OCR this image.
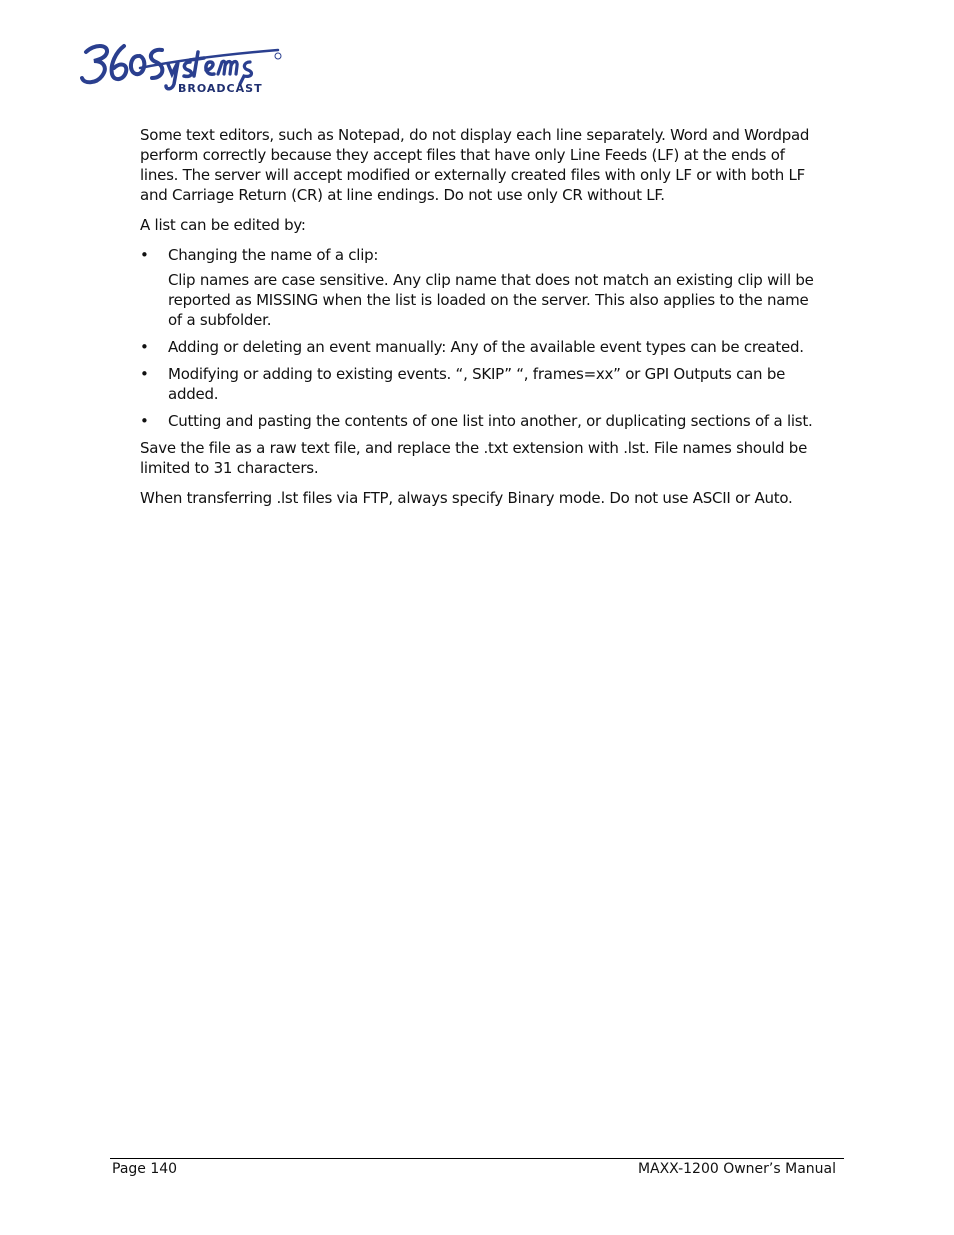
BROADCAST

Some text editors, such as Notepad, do not display each line separately. Word and Wordpad perform correctly because they accept files that have only Line Feeds (LF) at the ends of lines. The server will accept modified or externally created files with only LF or with both LF and Carriage Return (CR) at line endings. Do not use only CR without LF.

A list can be edited by:

• Changing the name of a clip:
Clip names are case sensitive. Any clip name that does not match an existing clip will be reported as MISSING when the list is loaded on the server. This also applies to the name of a subfolder.
• Adding or deleting an event manually: Any of the available event types can be created.
• Modifying or adding to existing events. “, SKIP” “, frames=xx” or GPI Outputs can be added.
• Cutting and pasting the contents of one list into another, or duplicating sections of a list.

Save the file as a raw text file, and replace the .txt extension with .lst. File names should be limited to 31 characters.

When transferring .lst files via FTP, always specify Binary mode. Do not use ASCII or Auto.

Page 140	MAXX-1200 Owner’s Manual
